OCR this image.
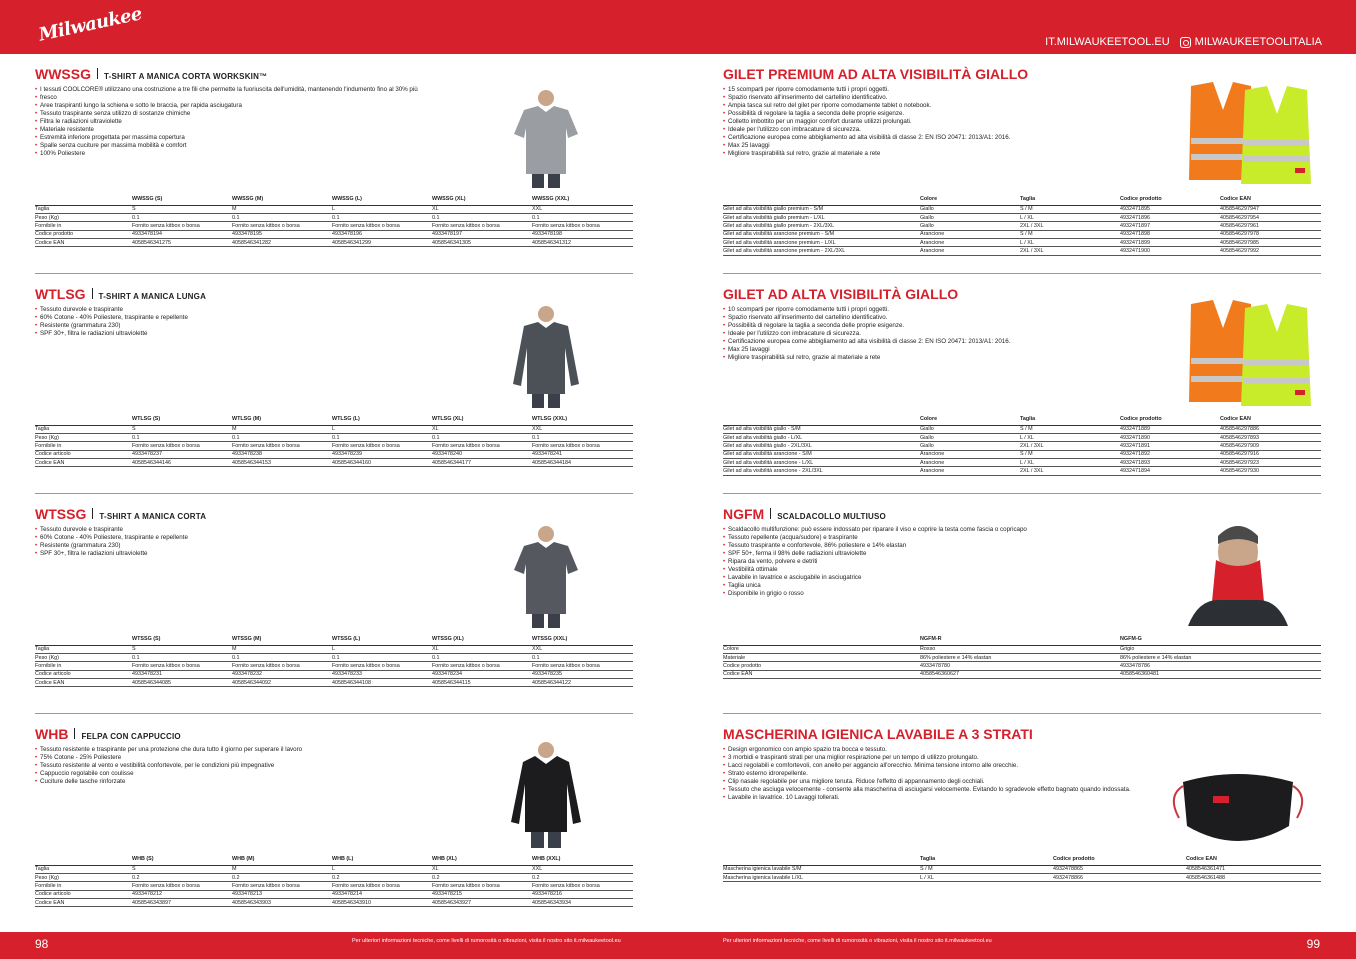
Milwaukee	IT.MILWAUKEETOOL.EU MILWAUKEETOOLITALIA
WWSSG T-SHIRT A MANICA CORTA WORKSKIN™
• I tessuti COOLCORE® utilizzano una costruzione a tre fili che permette la fuoriuscita dell'umidità, mantenendo l'indumento fino al 30% più
• fresco
• Aree traspiranti lungo la schiena e sotto le braccia, per rapida asciugatura
• Tessuto traspirante senza utilizzo di sostanze chimiche
• Filtra le radiazioni ultraviolette
• Materiale resistente
• Estremità inferiore progettata per massima copertura
• Spalle senza cuciture per massima mobilità e comfort
• 100% Poliestere
	WWSSG (S)	WWSSG (M)	WWSSG (L)	WWSSG (XL)	WWSSG (XXL)
Taglia	S	M	L	XL	XXL
Peso (Kg)	0.1	0.1	0.1	0.1	0.1
Fornibile in	Fornito senza kitbox o borsa	Fornito senza kitbox o borsa	Fornito senza kitbox o borsa	Fornito senza kitbox o borsa	Fornito senza kitbox o borsa
Codice prodotto	4933478194	4933478195	4933478196	4933478197	4933478198
Codice EAN	4058546341275	4058546341282	4058546341299	4058546341305	4058546341312
WTLSG T-SHIRT A MANICA LUNGA
• Tessuto durevole e traspirante
• 60% Cotone - 40% Poliestere, traspirante e repellente
• Resistente (grammatura 230)
• SPF 30+, filtra le radiazioni ultraviolette
	WTLSG (S)	WTLSG (M)	WTLSG (L)	WTLSG (XL)	WTLSG (XXL)
Taglia	S	M	L	XL	XXL
Peso (Kg)	0.1	0.1	0.1	0.1	0.1
Fornibile in	Fornito senza kitbox o borsa	Fornito senza kitbox o borsa	Fornito senza kitbox o borsa	Fornito senza kitbox o borsa	Fornito senza kitbox o borsa
Codice articolo	4933478237	4933478238	4933478239	4933478240	4933478241
Codice EAN	4058546344146	4058546344153	4058546344160	4058546344177	4058546344184
WTSSG T-SHIRT A MANICA CORTA
• Tessuto durevole e traspirante
• 60% Cotone - 40% Poliestere, traspirante e repellente
• Resistente (grammatura 230)
• SPF 30+, filtra le radiazioni ultraviolette
	WTSSG (S)	WTSSG (M)	WTSSG (L)	WTSSG (XL)	WTSSG (XXL)
Taglia	S	M	L	XL	XXL
Peso (Kg)	0.1	0.1	0.1	0.1	0.1
Fornibile in	Fornito senza kitbox o borsa	Fornito senza kitbox o borsa	Fornito senza kitbox o borsa	Fornito senza kitbox o borsa	Fornito senza kitbox o borsa
Codice articolo	4933478231	4933478232	4933478233	4933478234	4933478235
Codice EAN	4058546344085	4058546344092	4058546344108	4058546344115	4058546344122
WHB FELPA CON CAPPUCCIO
• Tessuto resistente e traspirante per una protezione che dura tutto il giorno per superare il lavoro
• 75% Cotone - 25% Poliestere
• Tessuto resistente al vento e vestibilità confortevole, per le condizioni più impegnative
• Cappuccio regolabile con coulisse
• Cuciture delle tasche rinforzate
	WHB (S)	WHB (M)	WHB (L)	WHB (XL)	WHB (XXL)
Taglia	S	M	L	XL	XXL
Peso (Kg)	0.2	0.2	0.2	0.2	0.2
Fornibile in	Fornito senza kitbox o borsa	Fornito senza kitbox o borsa	Fornito senza kitbox o borsa	Fornito senza kitbox o borsa	Fornito senza kitbox o borsa
Codice articolo	4933478212	4933478213	4933478214	4933478215	4933478216
Codice EAN	4058546343897	4058546343903	4058546343910	4058546343927	4058546343934
GILET PREMIUM AD ALTA VISIBILITÀ GIALLO
• 15 scomparti per riporre comodamente tutti i propri oggetti.
• Spazio riservato all'inserimento del cartellino identificativo.
• Ampia tasca sul retro del gilet per riporre comodamente tablet o notebook.
• Possibilità di regolare la taglia a seconda delle proprie esigenze.
• Colletto imbottito per un maggior comfort durante utilizzi prolungati.
• Ideale per l'utilizzo con imbracature di sicurezza.
• Certificazione europea come abbigliamento ad alta visibilità di classe 2: EN ISO 20471: 2013/A1: 2016.
• Max 25 lavaggi
• Migliore traspirabilità sul retro, grazie al materiale a rete
	Colore	Taglia	Codice prodotto	Codice EAN
Gilet ad alta visibilità giallo premium - S/M	Giallo	S / M	4932471895	4058546297947
Gilet ad alta visibilità giallo premium - L/XL	Giallo	L / XL	4932471896	4058546297954
Gilet ad alta visibilità giallo premium - 2XL/3XL	Giallo	2XL / 3XL	4932471897	4058546297961
Gilet ad alta visibilità arancione premium - S/M	Arancione	S / M	4932471898	4058546297978
Gilet ad alta visibilità arancione premium - L/XL	Arancione	L / XL	4932471899	4058546297985
Gilet ad alta visibilità arancione premium - 2XL/3XL	Arancione	2XL / 3XL	4932471900	4058546297992
GILET AD ALTA VISIBILITÀ GIALLO
• 10 scomparti per riporre comodamente tutti i propri oggetti.
• Spazio riservato all'inserimento del cartellino identificativo.
• Possibilità di regolare la taglia a seconda delle proprie esigenze.
• Ideale per l'utilizzo con imbracature di sicurezza.
• Certificazione europea come abbigliamento ad alta visibilità di classe 2: EN ISO 20471: 2013/A1: 2016.
• Max 25 lavaggi
• Migliore traspirabilità sul retro, grazie al materiale a rete
	Colore	Taglia	Codice prodotto	Codice EAN
Gilet ad alta visibilità giallo - S/M	Giallo	S / M	4932471889	4058546297886
Gilet ad alta visibilità giallo - L/XL	Giallo	L / XL	4932471890	4058546297893
Gilet ad alta visibilità giallo - 2XL/3XL	Giallo	2XL / 3XL	4932471891	4058546297909
Gilet ad alta visibilità arancione - S/M	Arancione	S / M	4932471892	4058546297916
Gilet ad alta visibilità arancione - L/XL	Arancione	L / XL	4932471893	4058546297923
Gilet ad alta visibilità arancione - 2XL/3XL	Arancione	2XL / 3XL	4932471894	4058546297930
NGFM SCALDACOLLO MULTIUSO
• Scaldacollo multifunzione: può essere indossato per riparare il viso e coprire la testa come fascia o copricapo
• Tessuto repellente (acqua/sudore) e traspirante
• Tessuto traspirante e confortevole, 86% poliestere e 14% elastan
• SPF 50+, ferma il 98% delle radiazioni ultraviolette
• Ripara da vento, polvere e detriti
• Vestibilità ottimale
• Lavabile in lavatrice e asciugabile in asciugatrice
• Taglia unica
• Disponibile in grigio o rosso
	NGFM-R	NGFM-G
Colore	Rosso	Grigio
Materiale	86% poliestere e 14% elastan	86% poliestere e 14% elastan
Codice prodotto	4933478780	4933478786
Codice EAN	4058546360627	4058546360481
MASCHERINA IGIENICA LAVABILE A 3 STRATI
• Design ergonomico con ampio spazio tra bocca e tessuto.
• 3 morbidi e traspiranti strati per una miglior respirazione per un tempo di utilizzo prolungato.
• Lacci regolabili e comfortevoli, con anello per aggancio all'orecchio. Minima tensione intorno alle orecchie.
• Strato esterno idrorepellente.
• Clip nasale regolabile per una migliore tenuta. Riduce l'effetto di appannamento degli occhiali.
• Tessuto che asciuga velocemente - consente alla mascherina di asciugarsi velocemente. Evitando lo sgradevole effetto bagnato quando indossata.
• Lavabile in lavatrice. 10 Lavaggi tollerati.
	Taglia	Codice prodotto	Codice EAN
Mascherina igienica lavabile S/M	S / M	4932478865	4058546361471
Mascherina igienica lavabile L/XL	L / XL	4932478866	4058546361488
98	Per ulteriori informazioni tecniche, come livelli di rumorosità o vibrazioni, visita il nostro sito it.milwaukeetool.eu	Per ulteriori informazioni tecniche, come livelli di rumorosità o vibrazioni, visita il nostro sito it.milwaukeetool.eu	99
